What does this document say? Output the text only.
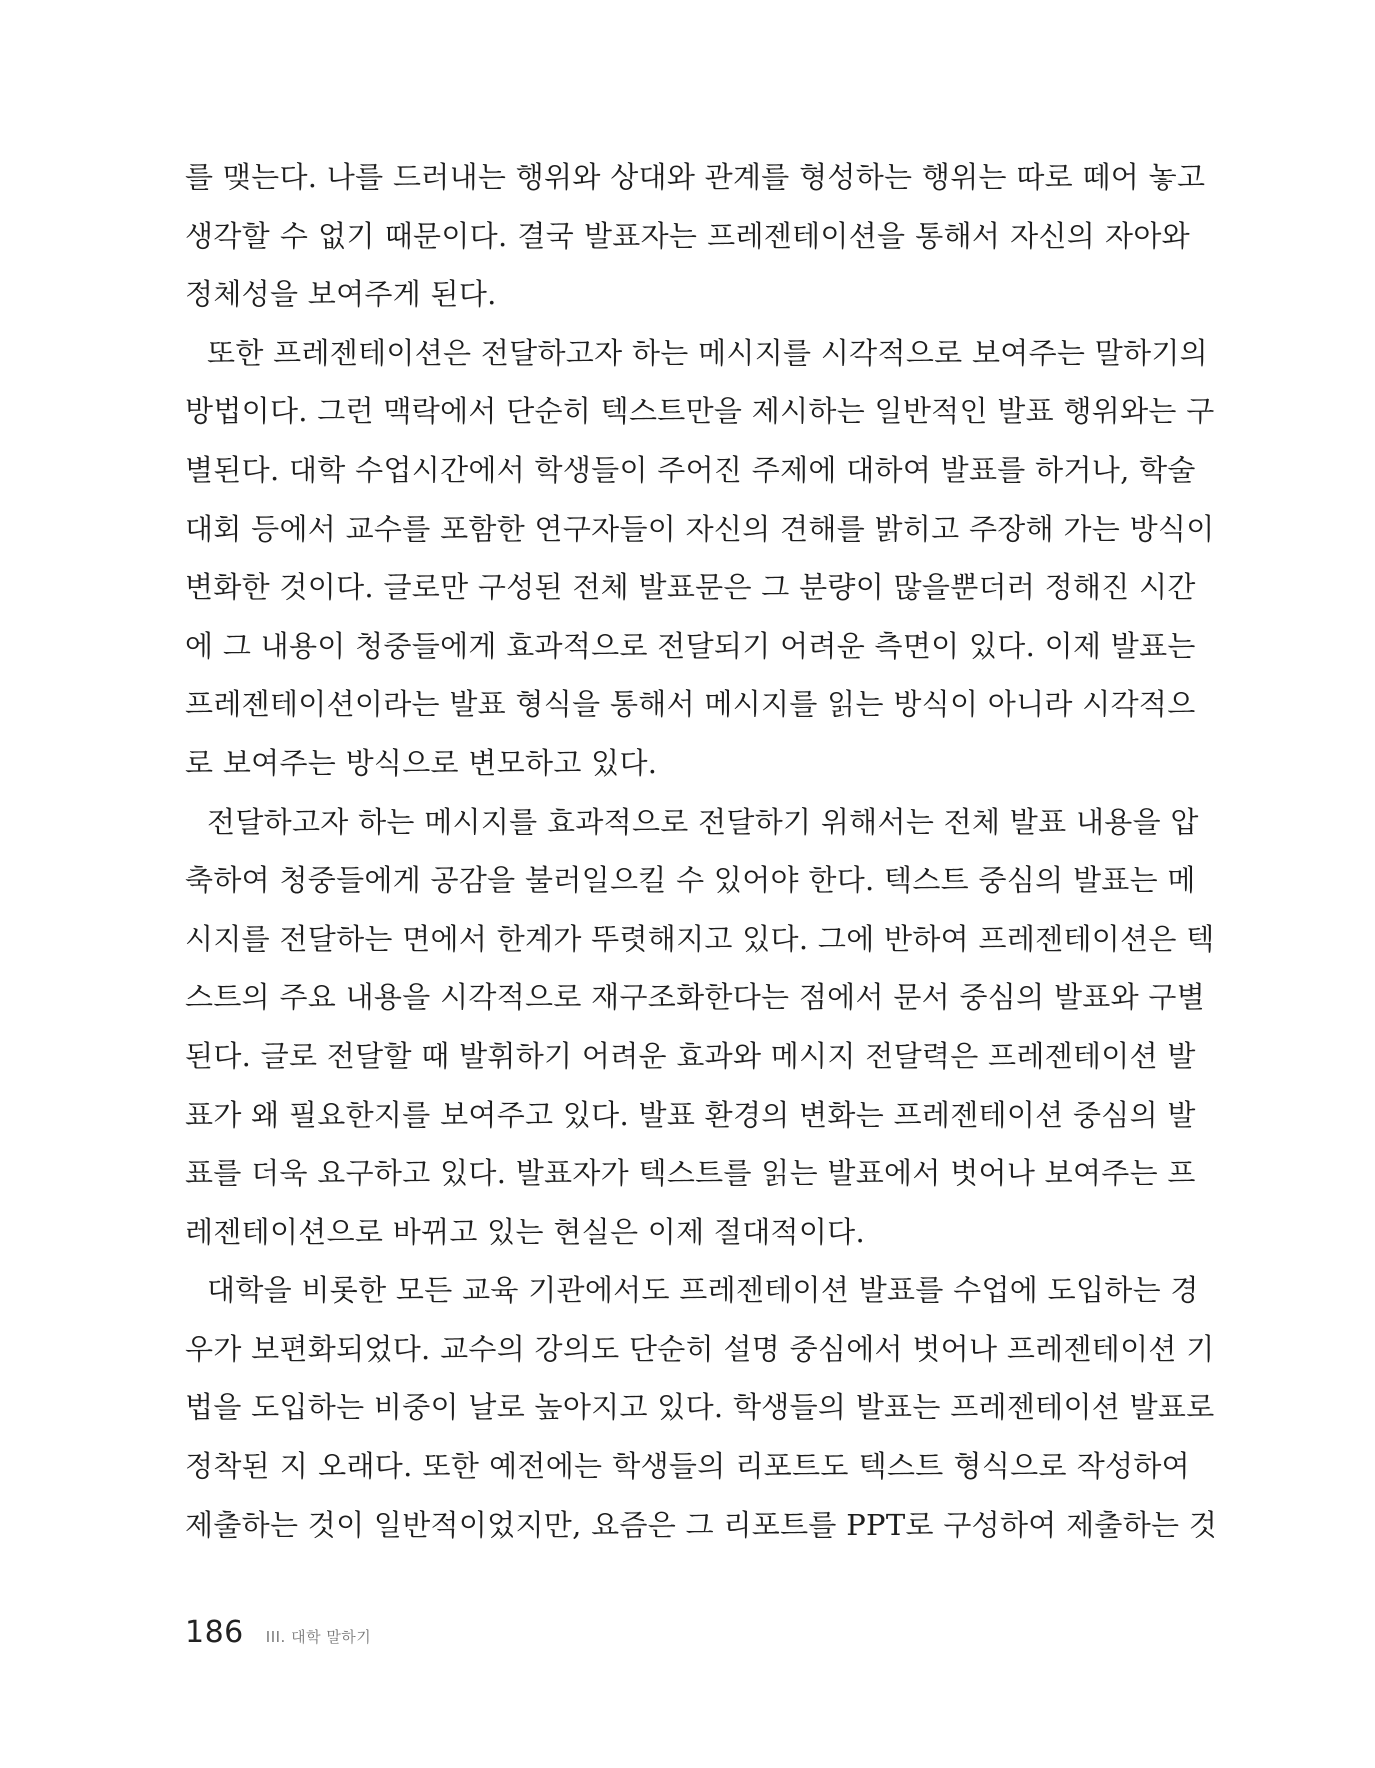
를 맺는다. 나를 드러내는 행위와 상대와 관계를 형성하는 행위는 따로 떼어 놓고
생각할 수 없기 때문이다. 결국 발표자는 프레젠테이션을 통해서 자신의 자아와
정체성을 보여주게 된다.
또한 프레젠테이션은 전달하고자 하는 메시지를 시각적으로 보여주는 말하기의
방법이다. 그런 맥락에서 단순히 텍스트만을 제시하는 일반적인 발표 행위와는 구
별된다. 대학 수업시간에서 학생들이 주어진 주제에 대하여 발표를 하거나, 학술
대회 등에서 교수를 포함한 연구자들이 자신의 견해를 밝히고 주장해 가는 방식이
변화한 것이다. 글로만 구성된 전체 발표문은 그 분량이 많을뿐더러 정해진 시간
에 그 내용이 청중들에게 효과적으로 전달되기 어려운 측면이 있다. 이제 발표는
프레젠테이션이라는 발표 형식을 통해서 메시지를 읽는 방식이 아니라 시각적으
로 보여주는 방식으로 변모하고 있다.
전달하고자 하는 메시지를 효과적으로 전달하기 위해서는 전체 발표 내용을 압
축하여 청중들에게 공감을 불러일으킬 수 있어야 한다. 텍스트 중심의 발표는 메
시지를 전달하는 면에서 한계가 뚜렷해지고 있다. 그에 반하여 프레젠테이션은 텍
스트의 주요 내용을 시각적으로 재구조화한다는 점에서 문서 중심의 발표와 구별
된다. 글로 전달할 때 발휘하기 어려운 효과와 메시지 전달력은 프레젠테이션 발
표가 왜 필요한지를 보여주고 있다. 발표 환경의 변화는 프레젠테이션 중심의 발
표를 더욱 요구하고 있다. 발표자가 텍스트를 읽는 발표에서 벗어나 보여주는 프
레젠테이션으로 바뀌고 있는 현실은 이제 절대적이다.
대학을 비롯한 모든 교육 기관에서도 프레젠테이션 발표를 수업에 도입하는 경
우가 보편화되었다. 교수의 강의도 단순히 설명 중심에서 벗어나 프레젠테이션 기
법을 도입하는 비중이 날로 높아지고 있다. 학생들의 발표는 프레젠테이션 발표로
정착된 지 오래다. 또한 예전에는 학생들의 리포트도 텍스트 형식으로 작성하여
제출하는 것이 일반적이었지만, 요즘은 그 리포트를 PPT로 구성하여 제출하는 것
186 III. 대학 말하기
